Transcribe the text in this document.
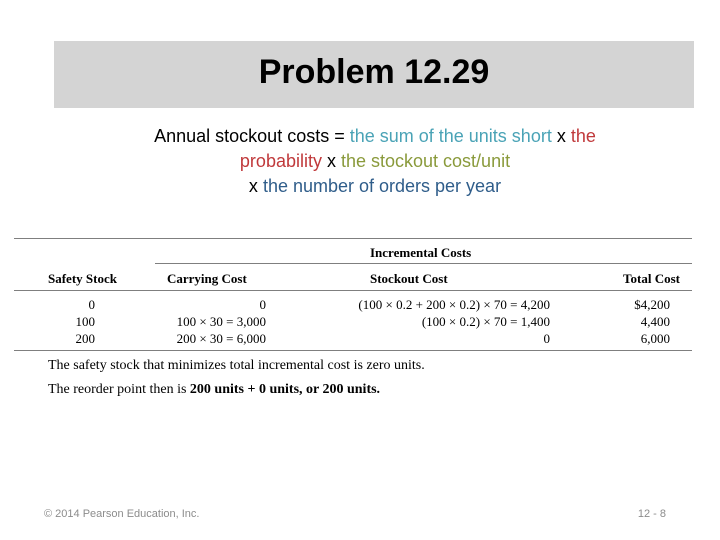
Problem 12.29
Annual stockout costs = the sum of the units short x the
probability x the stockout cost/unit
x the number of orders per year
Incremental Costs
Safety Stock	Carrying Cost	Stockout Cost	Total Cost
0	0	(100 × 0.2 + 200 × 0.2) × 70 = 4,200	$4,200
100	100 × 30 = 3,000	(100 × 0.2) × 70 = 1,400	4,400
200	200 × 30 = 6,000	0	6,000
The safety stock that minimizes total incremental cost is zero units.
The reorder point then is 200 units + 0 units, or 200 units.
© 2014 Pearson Education, Inc.	12 - 8
